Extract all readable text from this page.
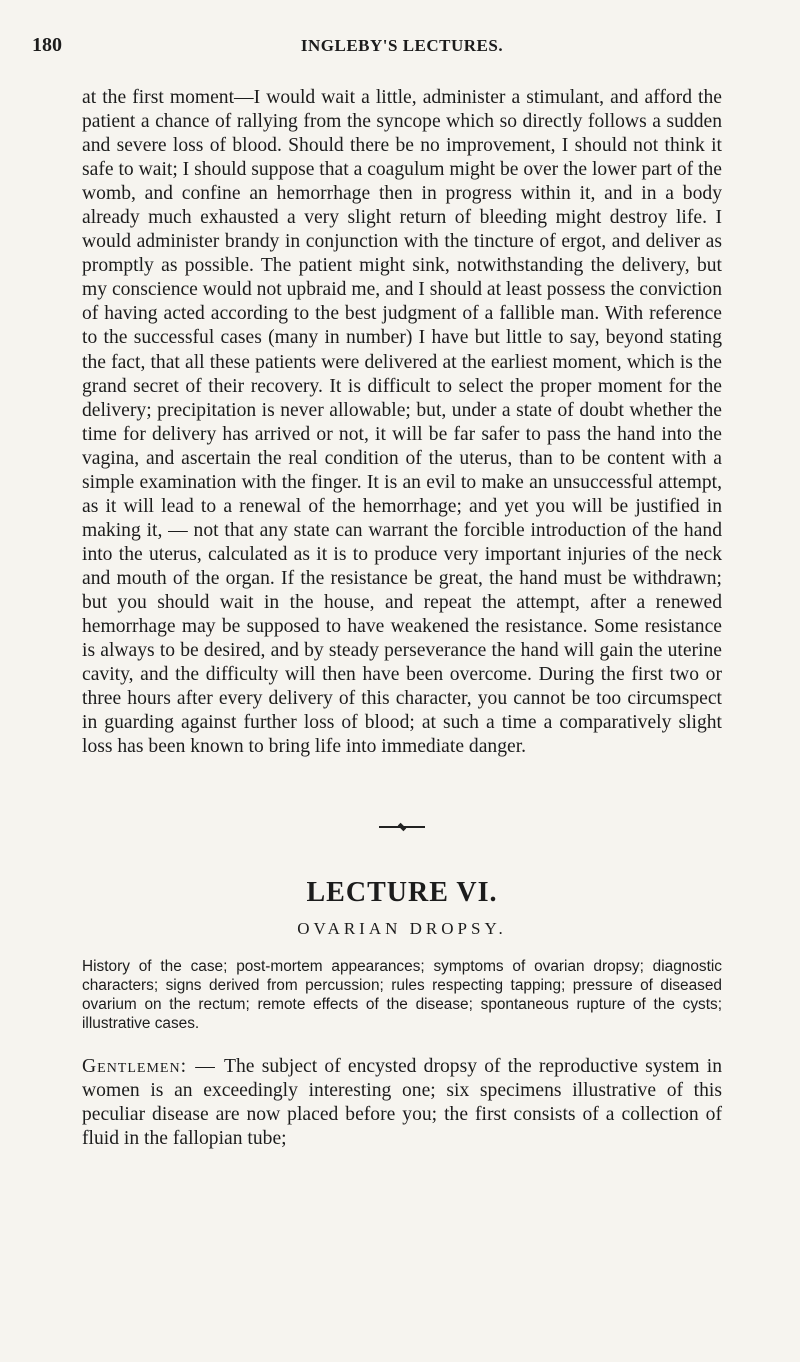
180	INGLEBY'S LECTURES.

at the first moment—I would wait a little, administer a stimulant, and afford the patient a chance of rallying from the syncope which so directly follows a sudden and severe loss of blood. Should there be no improvement, I should not think it safe to wait; I should suppose that a coagulum might be over the lower part of the womb, and confine an hemorrhage then in progress within it, and in a body already much exhausted a very slight return of bleeding might destroy life. I would administer brandy in conjunction with the tincture of ergot, and deliver as promptly as possible. The patient might sink, notwithstanding the delivery, but my conscience would not upbraid me, and I should at least possess the conviction of having acted according to the best judgment of a fallible man. With reference to the successful cases (many in number) I have but little to say, beyond stating the fact, that all these patients were delivered at the earliest moment, which is the grand secret of their recovery. It is difficult to select the proper moment for the delivery; precipitation is never allowable; but, under a state of doubt whether the time for delivery has arrived or not, it will be far safer to pass the hand into the vagina, and ascertain the real condition of the uterus, than to be content with a simple examination with the finger. It is an evil to make an unsuccessful attempt, as it will lead to a renewal of the hemorrhage; and yet you will be justified in making it, — not that any state can warrant the forcible introduction of the hand into the uterus, calculated as it is to produce very important injuries of the neck and mouth of the organ. If the resistance be great, the hand must be withdrawn; but you should wait in the house, and repeat the attempt, after a renewed hemorrhage may be supposed to have weakened the resistance. Some resistance is always to be desired, and by steady perseverance the hand will gain the uterine cavity, and the difficulty will then have been overcome. During the first two or three hours after every delivery of this character, you cannot be too circumspect in guarding against further loss of blood; at such a time a comparatively slight loss has been known to bring life into immediate danger.

LECTURE VI.
OVARIAN DROPSY.

History of the case; post-mortem appearances; symptoms of ovarian dropsy; diagnostic characters; signs derived from percussion; rules respecting tapping; pressure of diseased ovarium on the rectum; remote effects of the disease; spontaneous rupture of the cysts; illustrative cases.

Gentlemen: — The subject of encysted dropsy of the reproductive system in women is an exceedingly interesting one; six specimens illustrative of this peculiar disease are now placed before you; the first consists of a collection of fluid in the fallopian tube;
